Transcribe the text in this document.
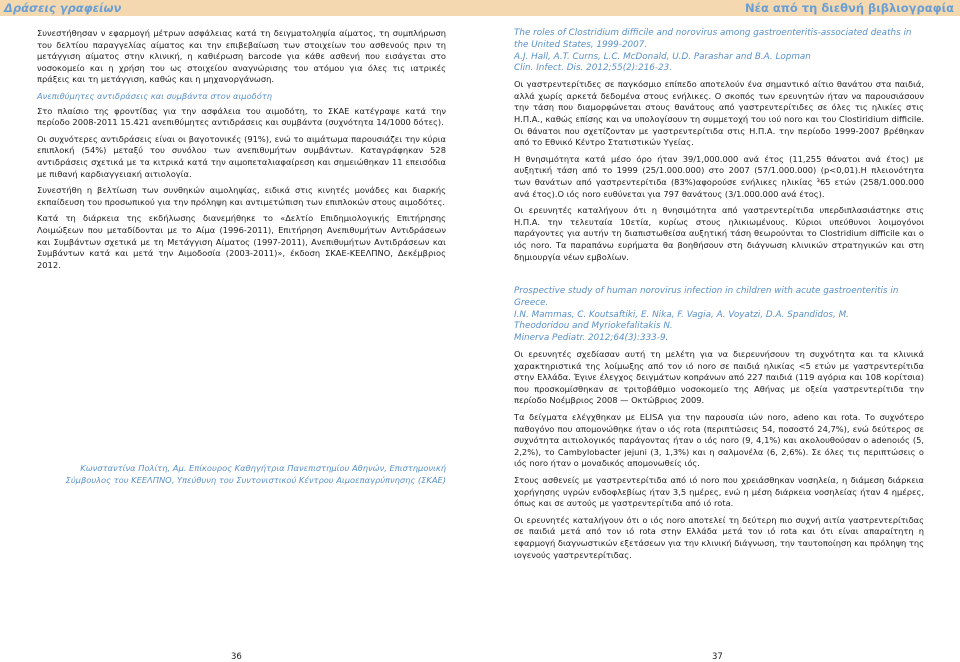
Δράσεις γραφείων	Νέα από τη διεθνή βιβλιογραφία

Συνεστήθησαν ν εφαρμογή μέτρων ασφάλειας κατά τη δειγματοληψία αίματος, τη συμπλήρωση του δελτίου παραγγελίας αίματος και την επιβεβαίωση των στοιχείων του ασθενούς πριν τη μετάγγιση αίματος στην κλινική, η καθιέρωση barcode για κάθε ασθενή που εισάγεται στο νοσοκομείο και η χρήση του ως στοιχείου αναγνώρισης του ατόμου για όλες τις ιατρικές πράξεις και τη μετάγγιση, καθώς και η μηχανοργάνωση.

Ανεπιθύμητες αντιδράσεις και συμβάντα στον αιμοδότη

Στο πλαίσιο της φροντίδας για την ασφάλεια του αιμοδότη, το ΣΚΑΕ κατέγραψε κατά την περίοδο 2008-2011 15.421 ανεπιθύμητες αντιδράσεις και συμβάντα (συχνότητα 14/1000 δότες).

Οι συχνότερες αντιδράσεις είναι οι βαγοτονικές (91%), ενώ το αιμάτωμα παρουσιάζει την κύρια επιπλοκή (54%) μεταξύ του συνόλου των ανεπιθυμήτων συμβάντων. Καταγράφηκαν 528 αντιδράσεις σχετικά με τα κιτρικά κατά την αιμοπεταλιαφαίρεση και σημειώθηκαν 11 επεισόδια με πιθανή καρδιαγγειακή αιτιολογία.

Συνεστήθη η βελτίωση των συνθηκών αιμοληψίας, ειδικά στις κινητές μονάδες και διαρκής εκπαίδευση του προσωπικού για την πρόληψη και αντιμετώπιση των επιπλοκών στους αιμοδότες.

Κατά τη διάρκεια της εκδήλωσης διανεμήθηκε το «Δελτίο Επιδημιολογικής Επιτήρησης Λοιμώξεων που μεταδίδονται με το Αίμα (1996-2011), Επιτήρηση Ανεπιθυμήτων Αντιδράσεων και Συμβάντων σχετικά με τη Μετάγγιση Αίματος (1997-2011), Ανεπιθυμήτων Αντιδράσεων και Συμβάντων κατά και μετά την Αιμοδοσία (2003-2011)», έκδοση ΣΚΑΕ-ΚΕΕΛΠΝΟ, Δεκέμβριος 2012.

Κωνσταντίνα Πολίτη, Αμ. Επίκουρος Καθηγήτρια Πανεπιστημίου Αθηνών, Επιστημονική Σύμβουλος του ΚΕΕΛΠΝΟ, Υπεύθυνη του Συντονιστικού Κέντρου Αιμοεπαγρύπνησης (ΣΚΑΕ)
The roles of Clostridium difficile and norovirus among gastroenteritis-associated deaths in the United States, 1999-2007.
A.J. Hall, A.T. Curns, L.C. McDonald, U.D. Parashar and B.A. Lopman
Clin. Infect. Dis. 2012;55(2):216-23.

Οι γαστρεντερίτιδες σε παγκόσμιο επίπεδο αποτελούν ένα σημαντικό αίτιο θανάτου στα παιδιά, αλλά χωρίς αρκετά δεδομένα στους ενήλικες. Ο σκοπός των ερευνητών ήταν να παρουσιάσουν την τάση που διαμορφώνεται στους θανάτους από γαστρεντερίτιδες σε όλες τις ηλικίες στις Η.Π.Α., καθώς επίσης και να υπολογίσουν τη συμμετοχή του ιού noro και του Clostiridium difficile. Οι θάνατοι που σχετίζονταν με γαστρεντερίτιδα στις Η.Π.Α. την περίοδο 1999-2007 βρέθηκαν από το Εθνικό Κέντρο Στατιστικών Υγείας.

Η θνησιμότητα κατά μέσο όρο ήταν 39/1,000.000 ανά έτος (11,255 θάνατοι ανά έτος) με αυξητική τάση από το 1999 (25/1.000.000) στο 2007 (57/1.000.000) (p<0,01).Η πλειονότητα των θανάτων από γαστρεντερίτιδα (83%)αφορούσε ενήλικες ηλικίας ³65 ετών (258/1.000.000 ανά έτος).Ο ιός noro ευθύνεται για 797 θανάτους (3/1.000.000 ανά έτος).

Οι ερευνητές καταλήγουν ότι η θνησιμότητα από γαστρεντερίτιδα υπερδιπλασιάστηκε στις Η.Π.Α. την τελευταία 10ετία, κυρίως στους ηλικιωμένους. Κύριοι υπεύθυνοι λοιμογόνοι παράγοντες για αυτήν τη διαπιστωθείσα αυξητική τάση θεωρούνται το Clostridium difficile και ο ιός noro. Τα παραπάνω ευρήματα θα βοηθήσουν στη διάγνωση κλινικών στρατηγικών και στη δημιουργία νέων εμβολίων.

Prospective study of human norovirus infection in children with acute gastroenteritis in Greece.
I.N. Mammas, C. Koutsaftiki, E. Nika, F. Vagia, A. Voyatzi, D.A. Spandidos, M.
Theodoridou and Myriokefalitakis N.
Minerva Pediatr. 2012;64(3):333-9.

Οι ερευνητές σχεδίασαν αυτή τη μελέτη για να διερευνήσουν τη συχνότητα και τα κλινικά χαρακτηριστικά της λοίμωξης από τον ιό noro σε παιδιά ηλικίας <5 ετών με γαστρεντερίτιδα στην Ελλάδα. Έγινε έλεγχος δειγμάτων κοπράνων από 227 παιδιά (119 αγόρια και 108 κορίτσια) που προσκομίσθηκαν σε τριτοβάθμιο νοσοκομείο της Αθήνας με οξεία γαστρεντερίτιδα την περίοδο Νοέμβριος 2008 — Οκτώβριος 2009.

Τα δείγματα ελέγχθηκαν με ELISA για την παρουσία ιών noro, adeno και rota. Το συχνότερο παθογόνο που απομονώθηκε ήταν ο ιός rota (περιπτώσεις 54, ποσοστό 24,7%), ενώ δεύτερος σε συχνότητα αιτιολογικός παράγοντας ήταν ο ιός noro (9, 4,1%) και ακολουθούσαν ο adenoιός (5, 2,2%), το Cambylobacter jejuni (3, 1,3%) και η σαλμονέλα (6, 2,6%). Σε όλες τις περιπτώσεις ο ιός noro ήταν ο μοναδικός απομονωθείς ιός.

Στους ασθενείς με γαστρεντερίτιδα από ιό noro που χρειάσθηκαν νοσηλεία, η διάμεση διάρκεια χορήγησης υγρών ενδοφλεβίως ήταν 3,5 ημέρες, ενώ η μέση διάρκεια νοσηλείας ήταν 4 ημέρες, όπως και σε αυτούς με γαστρεντερίτιδα από ιό rota.

Οι ερευνητές καταλήγουν ότι ο ιός noro αποτελεί τη δεύτερη πιο συχνή αιτία γαστρεντερίτιδας σε παιδιά μετά από τον ιό rota στην Ελλάδα μετά τον ιό rota και ότι είναι απαραίτητη η εφαρμογή διαγνωστικών εξετάσεων για την κλινική διάγνωση, την ταυτοποίηση και πρόληψη της ιογενούς γαστρεντερίτιδας.

36	37
